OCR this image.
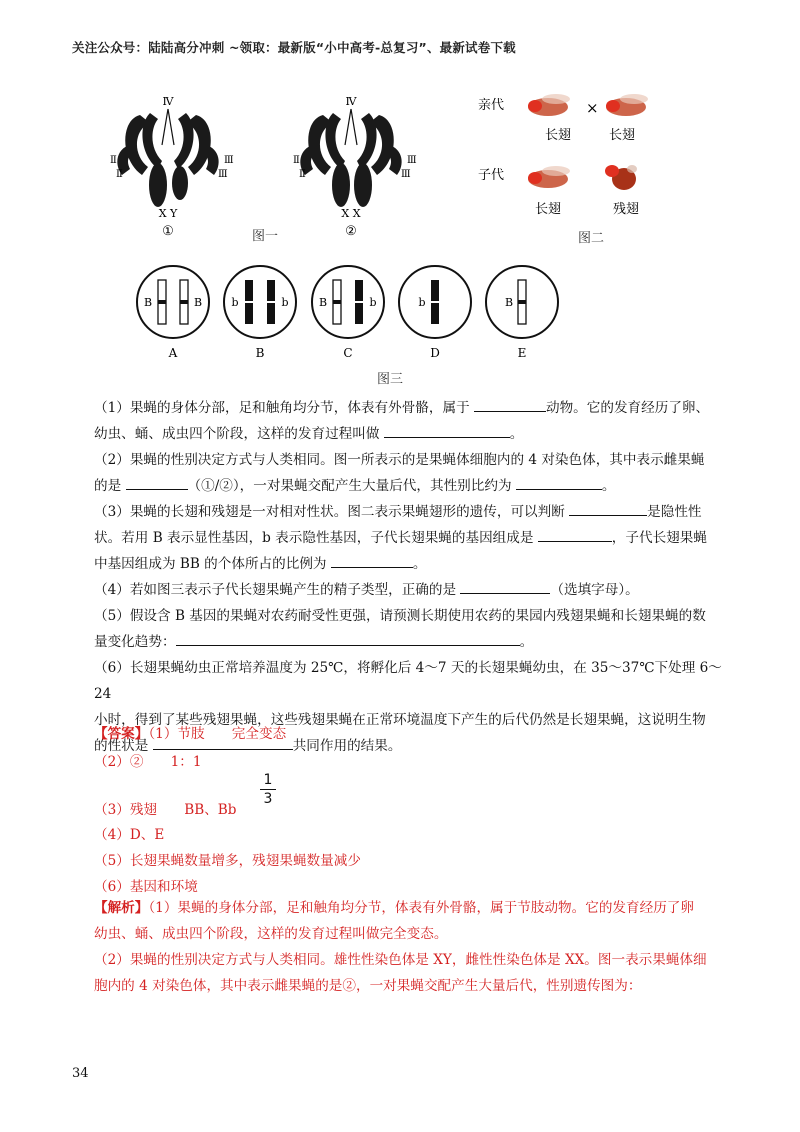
关注公众号：陆陆高分冲刺 ~领取：最新版“小中高考-总复习”、最新试卷下载
Ⅳ
Ⅱ
Ⅱ
Ⅲ
Ⅲ
X Y
①
Ⅳ
Ⅱ
Ⅱ
Ⅲ
Ⅲ
X X
②
图一
亲代	×
长翅	长翅
子代
长翅	残翅
图二
B	B
A
b	b
B
B	b
C
b
D
B
E
图三

（1）果蝇的身体分部，足和触角均分节，体表有外骨骼，属于	动物。它的发育经历了卵、

幼虫、蛹、成虫四个阶段，这样的发育过程叫做	。

（2）果蝇的性别决定方式与人类相同。图一所表示的是果蝇体细胞内的 4 对染色体，其中表示雌果蝇

的是	（①/②），一对果蝇交配产生大量后代，其性别比约为	。

（3）果蝇的长翅和残翅是一对相对性状。图二表示果蝇翅形的遗传，可以判断	是隐性性

状。若用 B 表示显性基因，b 表示隐性基因，子代长翅果蝇的基因组成是	，子代长翅果蝇

中基因组成为 BB 的个体所占的比例为	。

（4）若如图三表示子代长翅果蝇产生的精子类型，正确的是	（选填字母）。

（5）假设含 B 基因的果蝇对农药耐受性更强，请预测长期使用农药的果园内残翅果蝇和长翅果蝇的数

量变化趋势：	。

（6）长翅果蝇幼虫正常培养温度为 25℃，将孵化后 4～7 天的长翅果蝇幼虫，在 35～37℃下处理 6～24

小时，得到了某些残翅果蝇，这些残翅果蝇在正常环境温度下产生的后代仍然是长翅果蝇，这说明生物

的性状是	共同作用的结果。

【答案】（1）节肢　　完全变态
（2）②　　1：1
1
3
（3）残翅　　BB、Bb
（4）D、E
（5）长翅果蝇数量增多，残翅果蝇数量减少
（6）基因和环境

【解析】（1）果蝇的身体分部，足和触角均分节，体表有外骨骼，属于节肢动物。它的发育经历了卵

幼虫、蛹、成虫四个阶段，这样的发育过程叫做完全变态。

（2）果蝇的性别决定方式与人类相同。雄性性染色体是 XY，雌性性染色体是 XX。图一表示果蝇体细

胞内的 4 对染色体，其中表示雌果蝇的是②，一对果蝇交配产生大量后代，性别遗传图为：

34
